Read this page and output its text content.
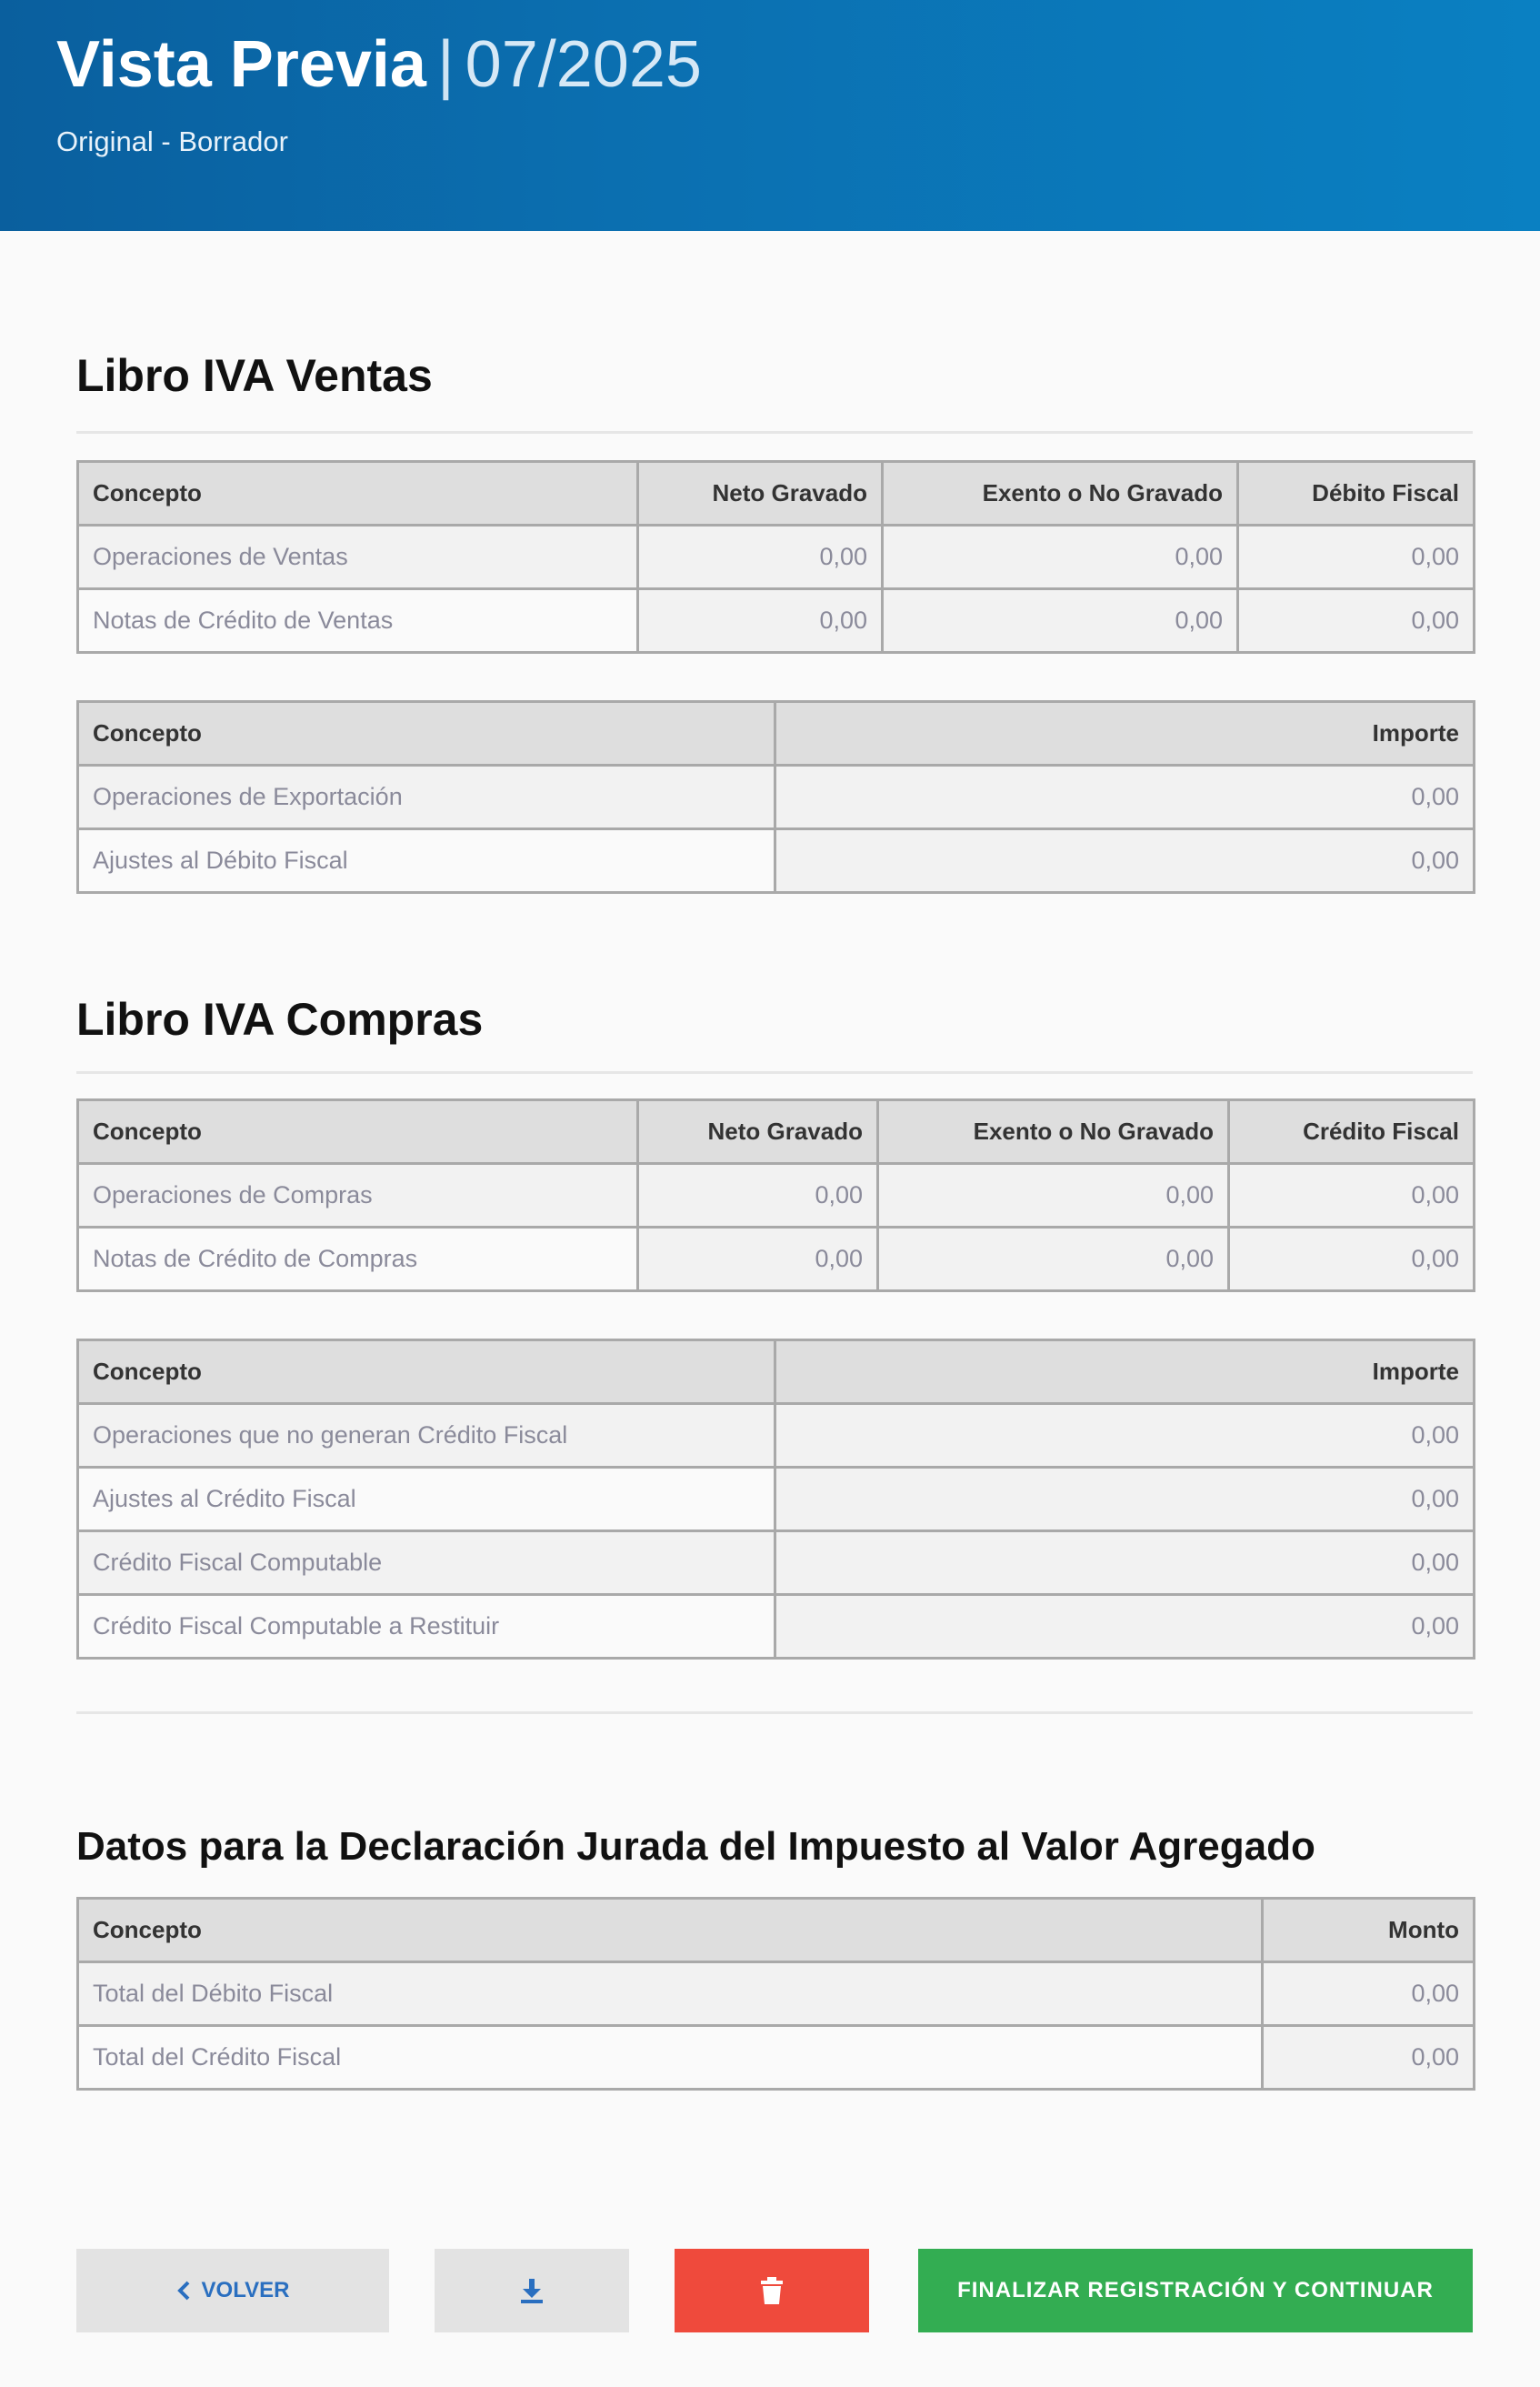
Vista Previa | 07/2025
Original - Borrador
Libro IVA Ventas
Concepto	Neto Gravado	Exento o No Gravado	Débito Fiscal
Operaciones de Ventas	0,00	0,00	0,00
Notas de Crédito de Ventas	0,00	0,00	0,00
Concepto	Importe
Operaciones de Exportación	0,00
Ajustes al Débito Fiscal	0,00
Libro IVA Compras
Concepto	Neto Gravado	Exento o No Gravado	Crédito Fiscal
Operaciones de Compras	0,00	0,00	0,00
Notas de Crédito de Compras	0,00	0,00	0,00
Concepto	Importe
Operaciones que no generan Crédito Fiscal	0,00
Ajustes al Crédito Fiscal	0,00
Crédito Fiscal Computable	0,00
Crédito Fiscal Computable a Restituir	0,00
Datos para la Declaración Jurada del Impuesto al Valor Agregado
Concepto	Monto
Total del Débito Fiscal	0,00
Total del Crédito Fiscal	0,00
VOLVER	FINALIZAR REGISTRACIÓN Y CONTINUAR
